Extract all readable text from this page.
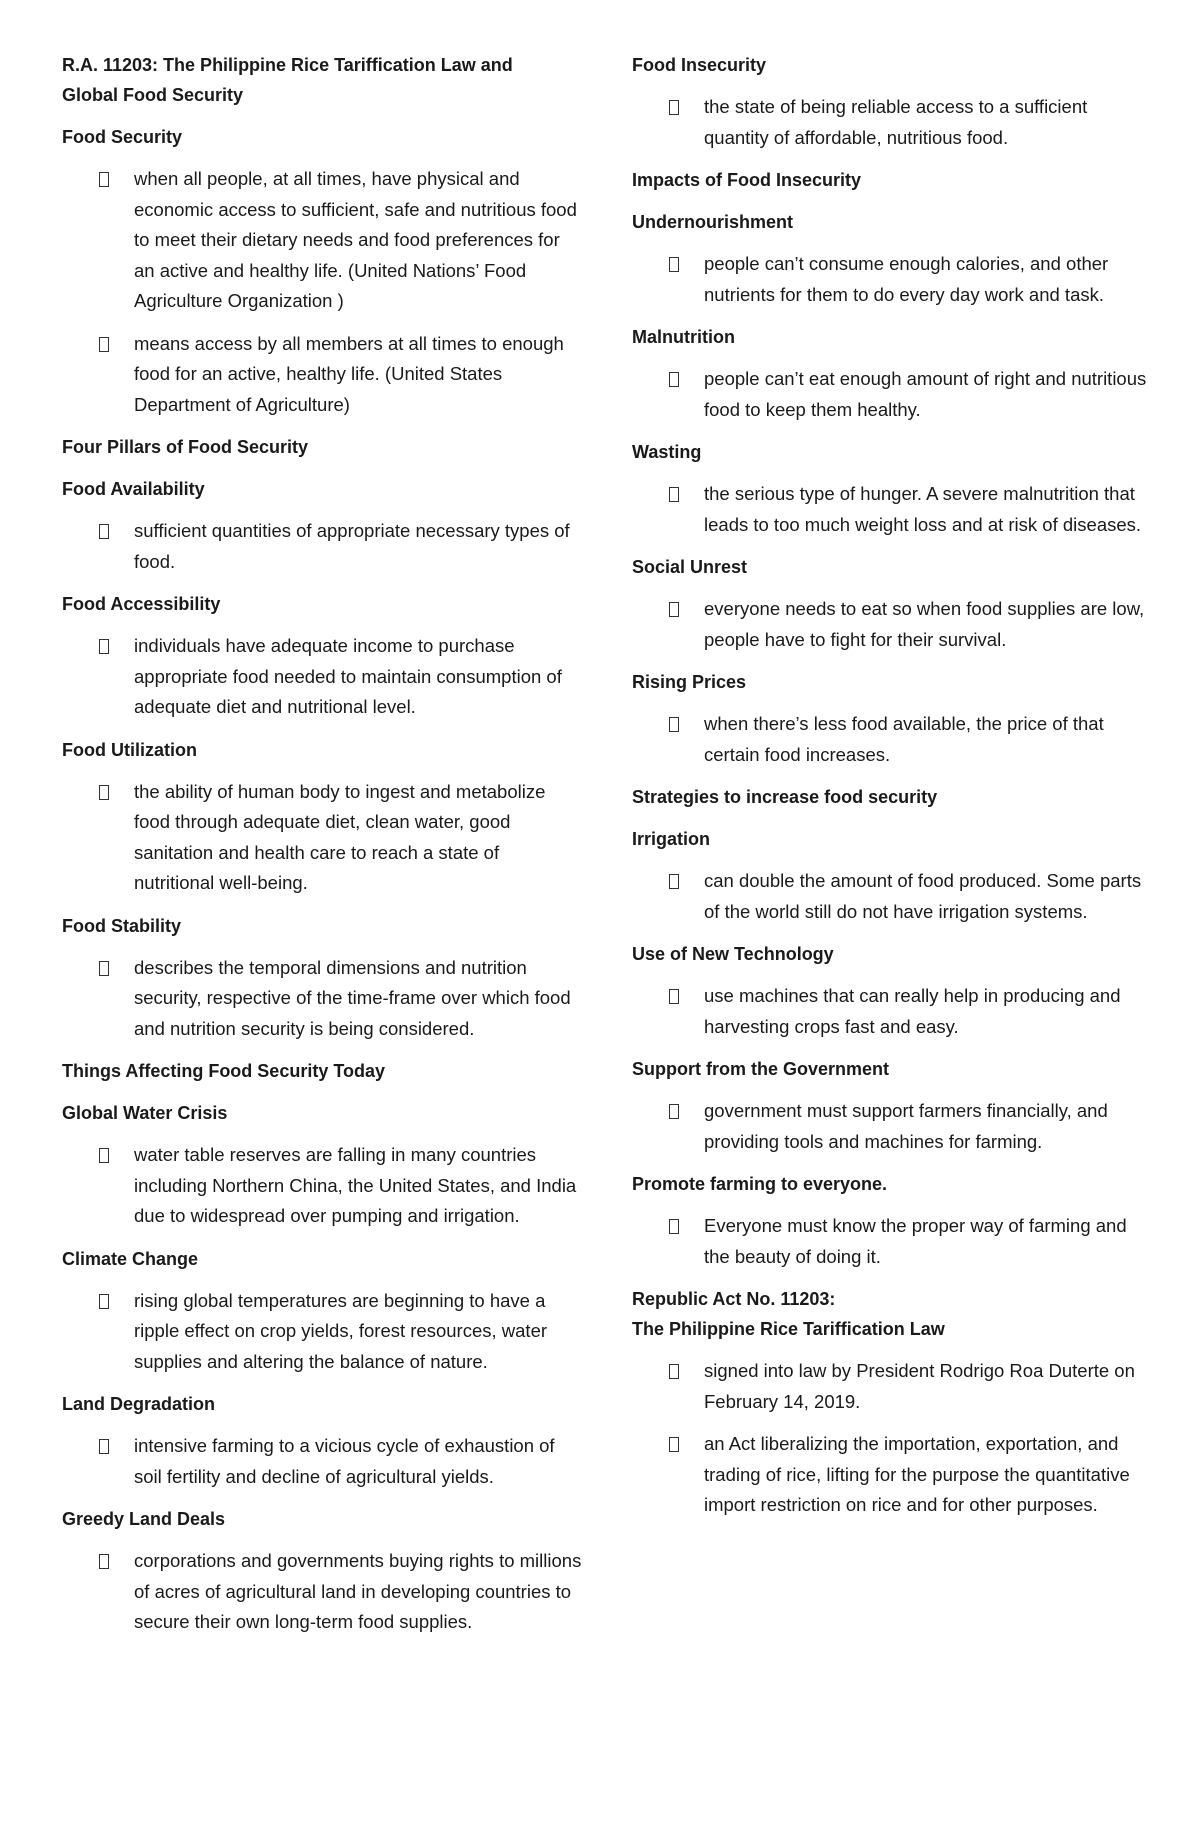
R.A. 11203: The Philippine Rice Tariffication Law and
Global Food Security
Food Security
when all people, at all times, have physical and economic access to sufficient, safe and nutritious food to meet their dietary needs and food preferences for an active and healthy life. (United Nations’ Food Agriculture Organization )
means access by all members at all times to enough food for an active, healthy life. (United States Department of Agriculture)
Four Pillars of Food Security
Food Availability
sufficient quantities of appropriate necessary types of food.
Food Accessibility
individuals have adequate income to purchase appropriate food needed to maintain consumption of adequate diet and nutritional level.
Food Utilization
the ability of human body to ingest and metabolize food through adequate diet, clean water, good sanitation and health care to reach a state of nutritional well-being.
Food Stability
describes the temporal dimensions and nutrition security, respective of the time-frame over which food and nutrition security is being considered.
Things Affecting Food Security Today
Global Water Crisis
water table reserves are falling in many countries including Northern China, the United States, and India due to widespread over pumping and irrigation.
Climate Change
rising global temperatures are beginning to have a ripple effect on crop yields, forest resources, water supplies and altering the balance of nature.
Land Degradation
intensive farming to a vicious cycle of exhaustion of soil fertility and decline of agricultural yields.
Greedy Land Deals
corporations and governments buying rights to millions of acres of agricultural land in developing countries to secure their own long-term food supplies.
Food Insecurity
the state of being reliable access to a sufficient quantity of affordable, nutritious food.
Impacts of Food Insecurity
Undernourishment
people can’t consume enough calories, and other nutrients for them to do every day work and task.
Malnutrition
people can’t eat enough amount of right and nutritious food to keep them healthy.
Wasting
the serious type of hunger. A severe malnutrition that leads to too much weight loss and at risk of diseases.
Social Unrest
everyone needs to eat so when food supplies are low, people have to fight for their survival.
Rising Prices
when there’s less food available, the price of that certain food increases.
Strategies to increase food security
Irrigation
can double the amount of food produced. Some parts of the world still do not have irrigation systems.
Use of New Technology
use machines that can really help in producing and harvesting crops fast and easy.
Support from the Government
government must support farmers financially, and providing tools and machines for farming.
Promote farming to everyone.
Everyone must know the proper way of farming and the beauty of doing it.
Republic Act No. 11203:
The Philippine Rice Tariffication Law
signed into law by President Rodrigo Roa Duterte on February 14, 2019.
an Act liberalizing the importation, exportation, and trading of rice, lifting for the purpose the quantitative import restriction on rice and for other purposes.
